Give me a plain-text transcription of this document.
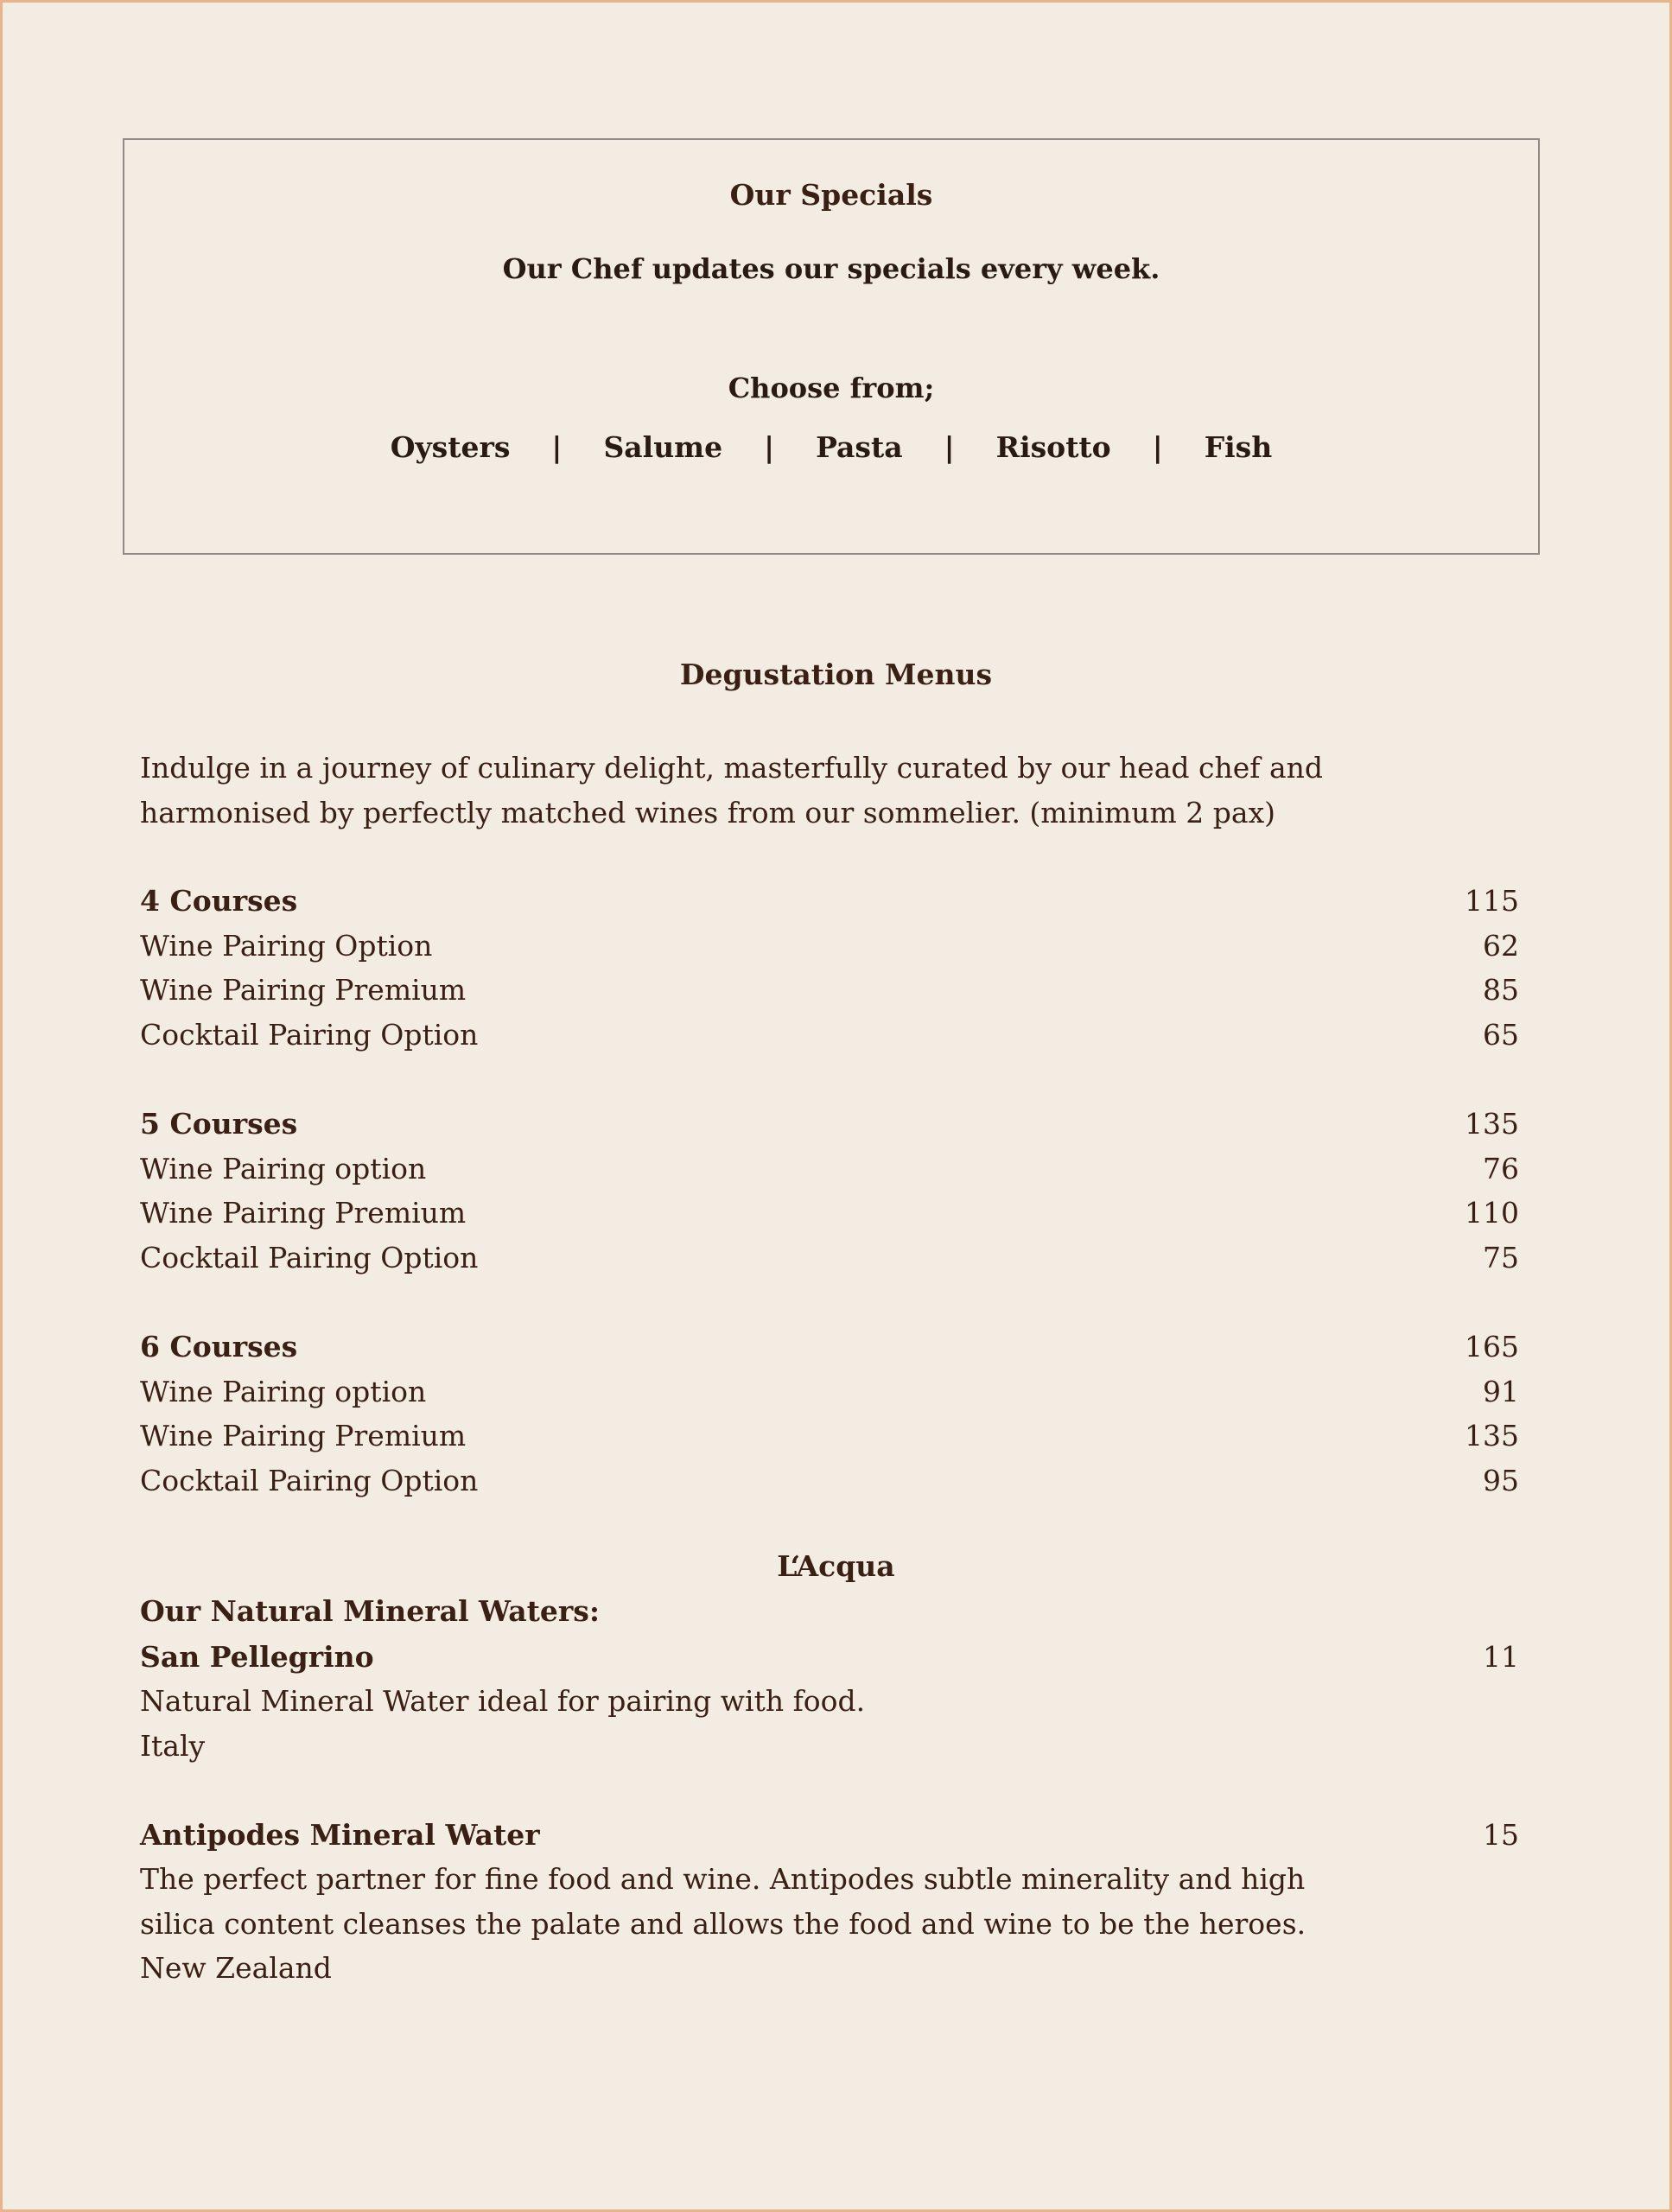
Our Specials
Our Chef updates our specials every week.
Choose from;
Oysters | Salume | Pasta | Risotto | Fish
Degustation Menus
Indulge in a journey of culinary delight, masterfully curated by our head chef and
harmonised by perfectly matched wines from our sommelier. (minimum 2 pax)
4 Courses	115
Wine Pairing Option	62
Wine Pairing Premium	85
Cocktail Pairing Option	65
5 Courses	135
Wine Pairing option	76
Wine Pairing Premium	110
Cocktail Pairing Option	75
6 Courses	165
Wine Pairing option	91
Wine Pairing Premium	135
Cocktail Pairing Option	95
L‘Acqua
Our Natural Mineral Waters:
San Pellegrino	11
Natural Mineral Water ideal for pairing with food.
Italy
Antipodes Mineral Water	15
The perfect partner for fine food and wine. Antipodes subtle minerality and high
silica content cleanses the palate and allows the food and wine to be the heroes.
New Zealand
